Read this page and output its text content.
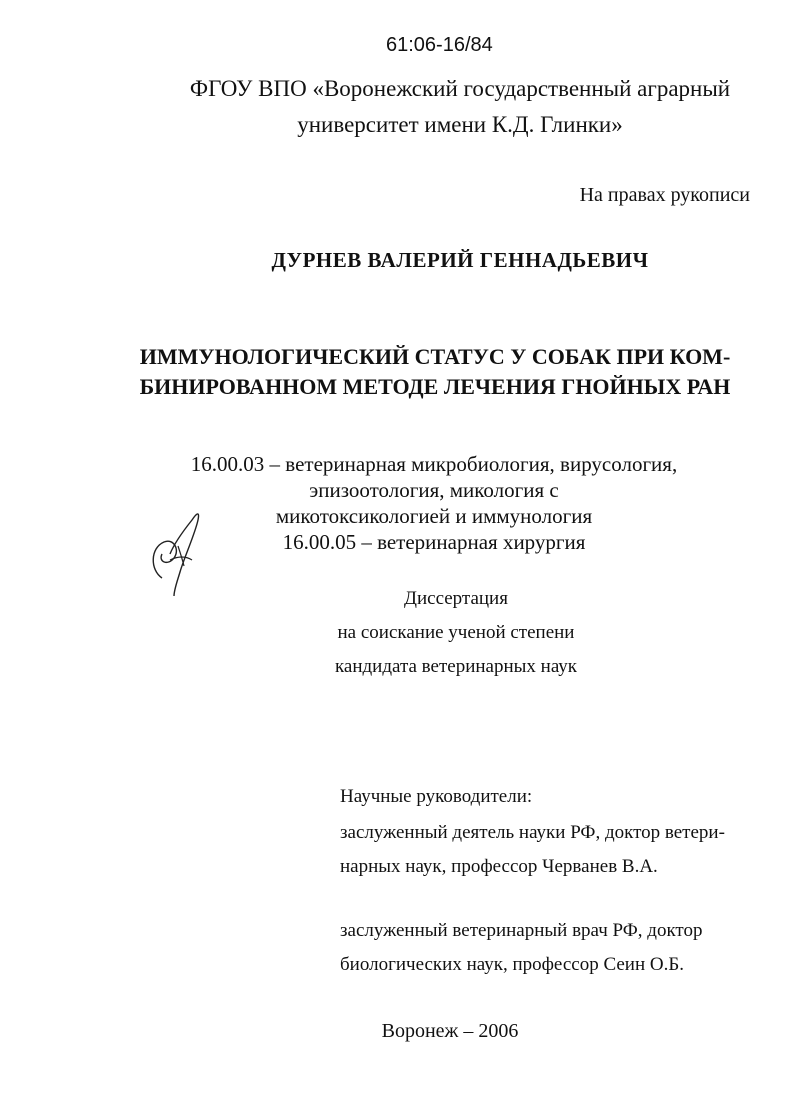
61:06-16/84
ФГОУ ВПО «Воронежский государственный аграрный
университет имени К.Д. Глинки»
На правах рукописи
ДУРНЕВ ВАЛЕРИЙ ГЕННАДЬЕВИЧ
ИММУНОЛОГИЧЕСКИЙ СТАТУС У СОБАК ПРИ КОМ-
БИНИРОВАННОМ МЕТОДЕ ЛЕЧЕНИЯ ГНОЙНЫХ РАН
16.00.03 – ветеринарная микробиология, вирусология,
эпизоотология, микология с
микотоксикологией и иммунология
16.00.05 – ветеринарная хирургия
Диссертация
на соискание ученой степени
кандидата ветеринарных наук
Научные руководители:
заслуженный деятель науки РФ, доктор ветери-
нарных наук, профессор Черванев В.А.
заслуженный ветеринарный врач РФ, доктор
биологических наук, профессор Сеин О.Б.
Воронеж – 2006
